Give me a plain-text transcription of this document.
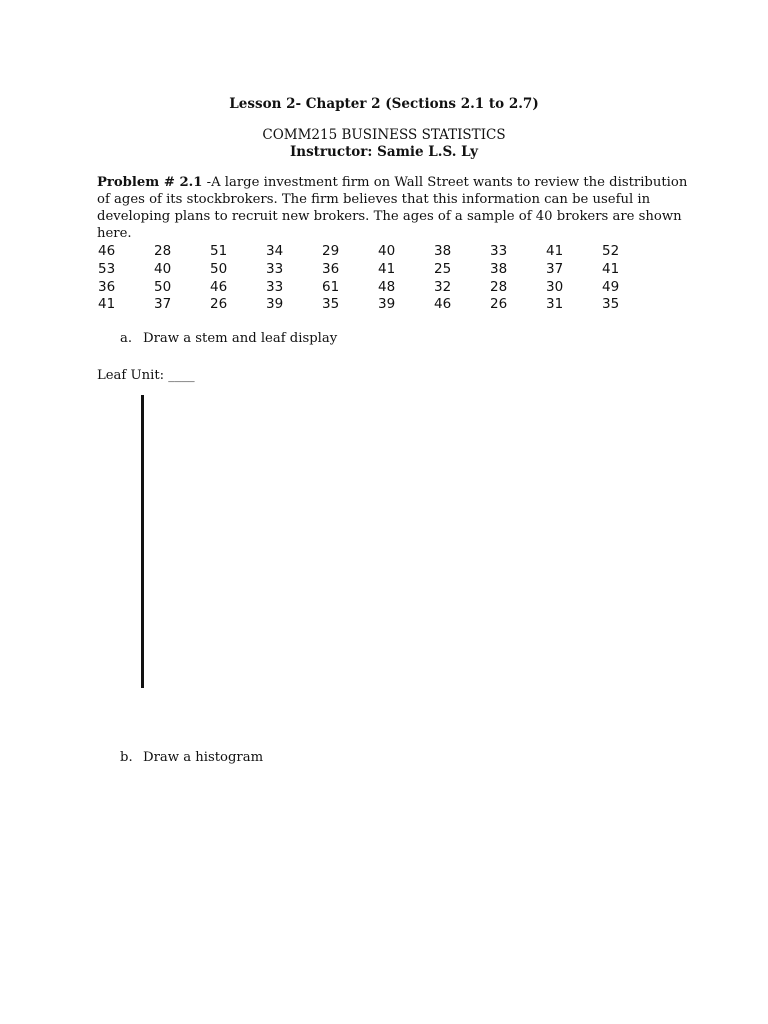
Lesson 2- Chapter 2 (Sections 2.1 to 2.7)
COMM215 BUSINESS STATISTICS
Instructor: Samie L.S. Ly
Problem # 2.1 -A large investment firm on Wall Street wants to review the distribution of ages of its stockbrokers. The firm believes that this information can be useful in developing plans to recruit new brokers. The ages of a sample of 40 brokers are shown here.
46	28	51	34	29	40	38	33	41	52
53	40	50	33	36	41	25	38	37	41
36	50	46	33	61	48	32	28	30	49
41	37	26	39	35	39	46	26	31	35
a. Draw a stem and leaf display
Leaf Unit: ____
b. Draw a histogram
